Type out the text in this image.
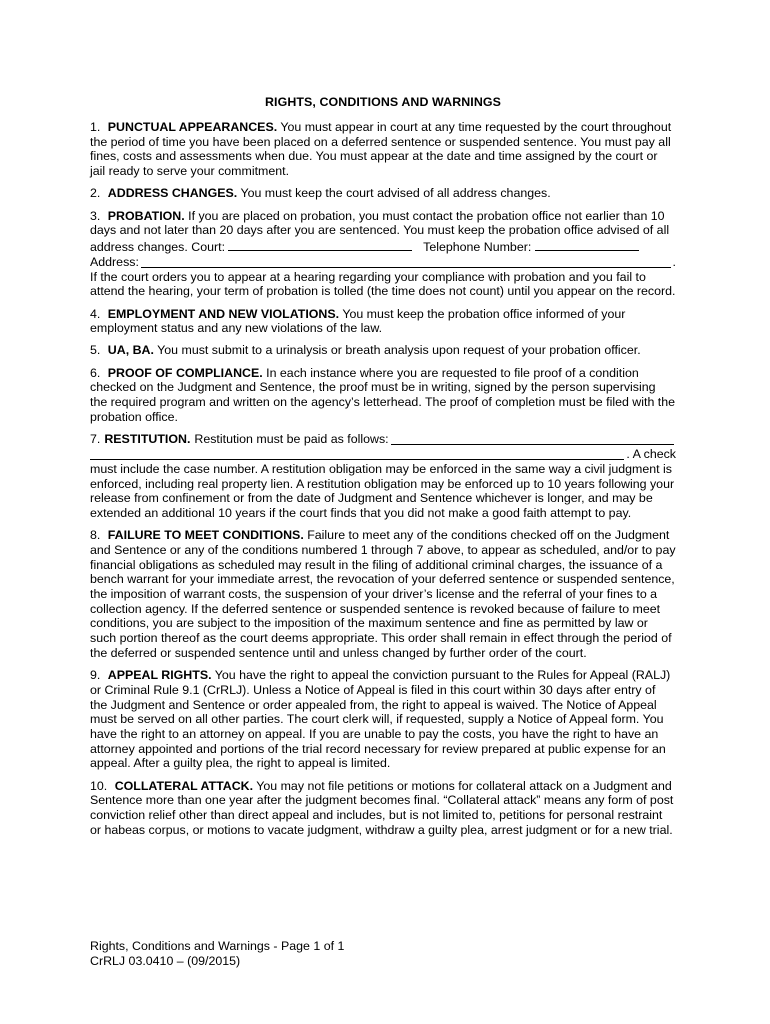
RIGHTS, CONDITIONS AND WARNINGS

1. PUNCTUAL APPEARANCES. You must appear in court at any time requested by the court throughout the period of time you have been placed on a deferred sentence or suspended sentence. You must pay all fines, costs and assessments when due. You must appear at the date and time assigned by the court or jail ready to serve your commitment.

2. ADDRESS CHANGES. You must keep the court advised of all address changes.

3. PROBATION. If you are placed on probation, you must contact the probation office not earlier than 10 days and not later than 20 days after you are sentenced. You must keep the probation office advised of all address changes. Court:	Telephone Number:
Address:	.
If the court orders you to appear at a hearing regarding your compliance with probation and you fail to attend the hearing, your term of probation is tolled (the time does not count) until you appear on the record.

4. EMPLOYMENT AND NEW VIOLATIONS. You must keep the probation office informed of your employment status and any new violations of the law.

5. UA, BA. You must submit to a urinalysis or breath analysis upon request of your probation officer.

6. PROOF OF COMPLIANCE. In each instance where you are requested to file proof of a condition checked on the Judgment and Sentence, the proof must be in writing, signed by the person supervising the required program and written on the agency’s letterhead. The proof of completion must be filed with the probation office.

7. RESTITUTION. Restitution must be paid as follows:
. A check
must include the case number. A restitution obligation may be enforced in the same way a civil judgment is enforced, including real property lien. A restitution obligation may be enforced up to 10 years following your release from confinement or from the date of Judgment and Sentence whichever is longer, and may be extended an additional 10 years if the court finds that you did not make a good faith attempt to pay.

8. FAILURE TO MEET CONDITIONS. Failure to meet any of the conditions checked off on the Judgment and Sentence or any of the conditions numbered 1 through 7 above, to appear as scheduled, and/or to pay financial obligations as scheduled may result in the filing of additional criminal charges, the issuance of a bench warrant for your immediate arrest, the revocation of your deferred sentence or suspended sentence, the imposition of warrant costs, the suspension of your driver’s license and the referral of your fines to a collection agency. If the deferred sentence or suspended sentence is revoked because of failure to meet conditions, you are subject to the imposition of the maximum sentence and fine as permitted by law or such portion thereof as the court deems appropriate. This order shall remain in effect through the period of the deferred or suspended sentence until and unless changed by further order of the court.

9. APPEAL RIGHTS. You have the right to appeal the conviction pursuant to the Rules for Appeal (RALJ) or Criminal Rule 9.1 (CrRLJ). Unless a Notice of Appeal is filed in this court within 30 days after entry of the Judgment and Sentence or order appealed from, the right to appeal is waived. The Notice of Appeal must be served on all other parties. The court clerk will, if requested, supply a Notice of Appeal form. You have the right to an attorney on appeal. If you are unable to pay the costs, you have the right to have an attorney appointed and portions of the trial record necessary for review prepared at public expense for an appeal. After a guilty plea, the right to appeal is limited.

10. COLLATERAL ATTACK. You may not file petitions or motions for collateral attack on a Judgment and Sentence more than one year after the judgment becomes final. “Collateral attack” means any form of post conviction relief other than direct appeal and includes, but is not limited to, petitions for personal restraint or habeas corpus, or motions to vacate judgment, withdraw a guilty plea, arrest judgment or for a new trial.

Rights, Conditions and Warnings - Page 1 of 1
CrRLJ 03.0410 – (09/2015)
